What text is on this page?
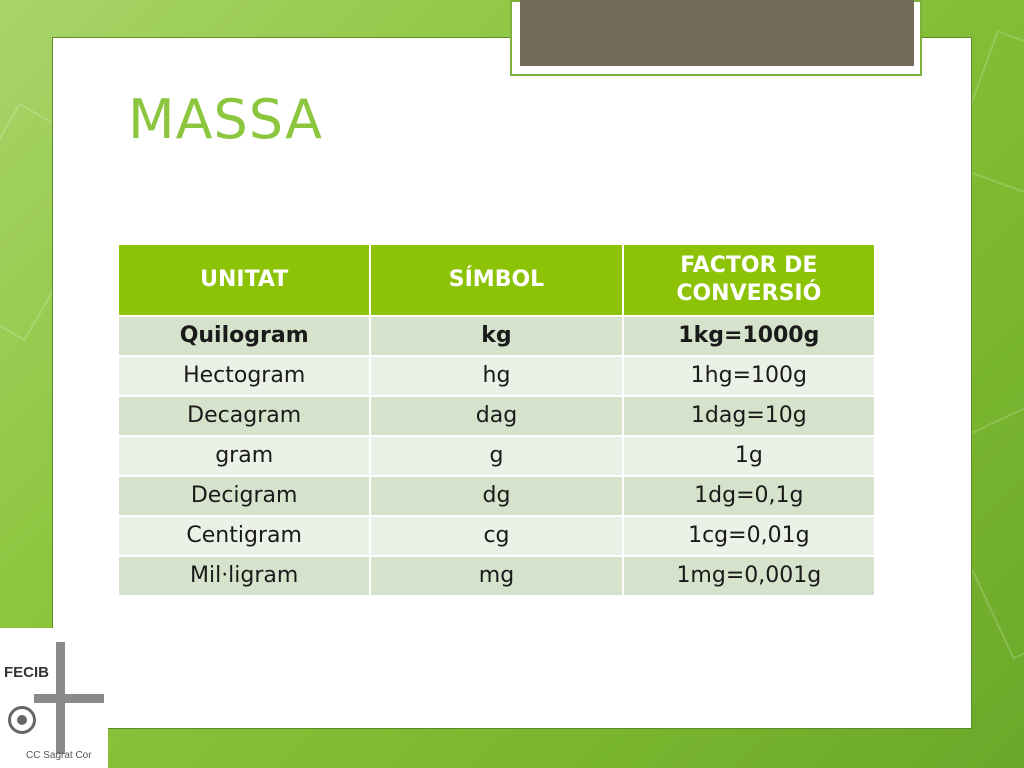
MASSA
UNITAT	SÍMBOL	FACTOR DE CONVERSIÓ
Quilogram	kg	1kg=1000g
Hectogram	hg	1hg=100g
Decagram	dag	1dag=10g
gram	g	1g
Decigram	dg	1dg=0,1g
Centigram	cg	1cg=0,01g
Mil·ligram	mg	1mg=0,001g
FECIB
CC Sagrat Cor
